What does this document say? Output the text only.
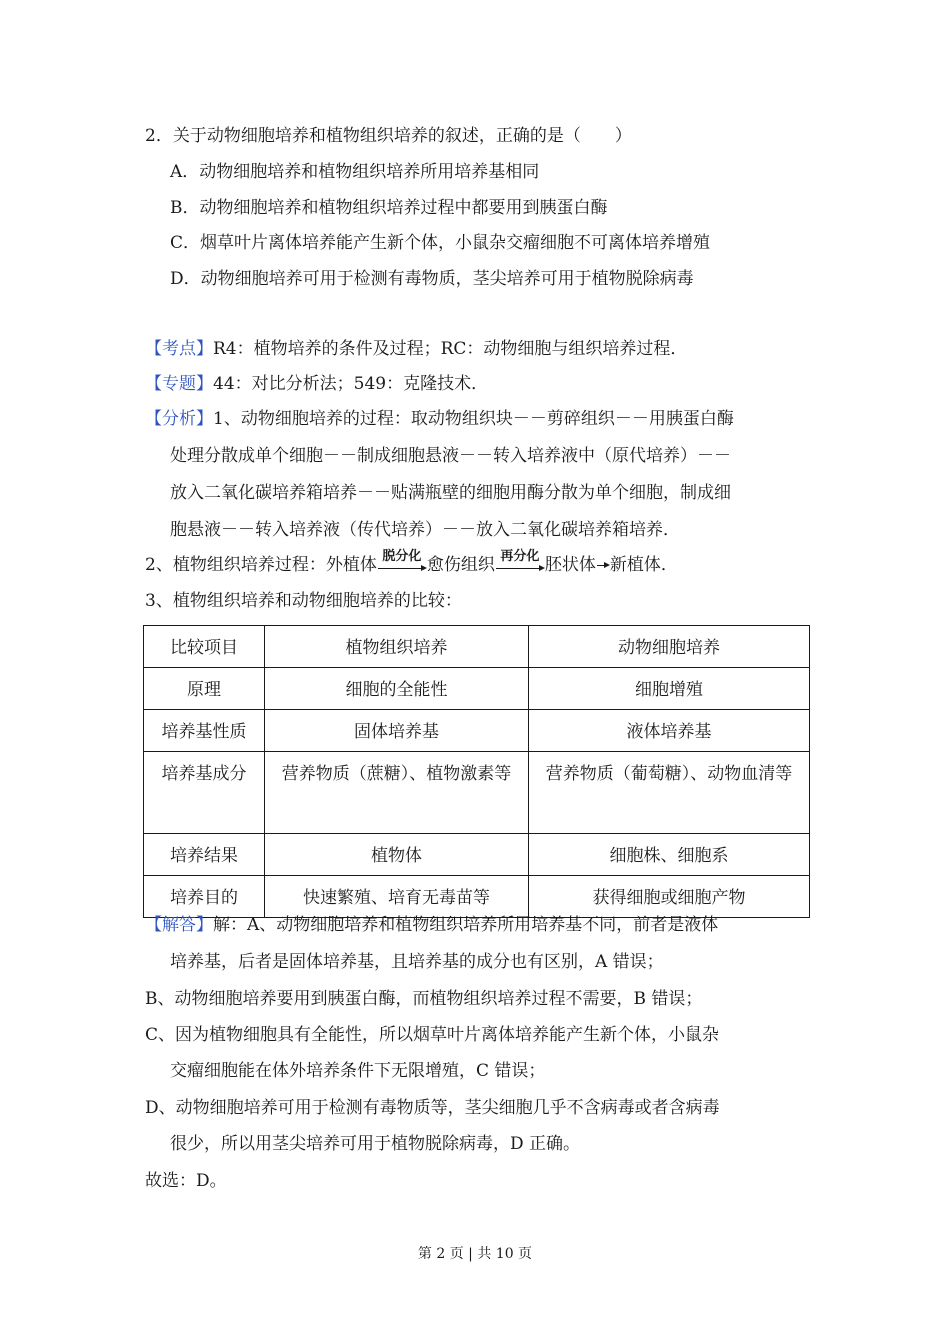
2．关于动物细胞培养和植物组织培养的叙述，正确的是（　　）
A．动物细胞培养和植物组织培养所用培养基相同
B．动物细胞培养和植物组织培养过程中都要用到胰蛋白酶
C．烟草叶片离体培养能产生新个体，小鼠杂交瘤细胞不可离体培养增殖
D．动物细胞培养可用于检测有毒物质，茎尖培养可用于植物脱除病毒
【考点】R4：植物培养的条件及过程；RC：动物细胞与组织培养过程．
【专题】44：对比分析法；549：克隆技术．
【分析】1、动物细胞培养的过程：取动物组织块－－剪碎组织－－用胰蛋白酶
处理分散成单个细胞－－制成细胞悬液－－转入培养液中（原代培养）－－
放入二氧化碳培养箱培养－－贴满瓶壁的细胞用酶分散为单个细胞，制成细
胞悬液－－转入培养液（传代培养）－－放入二氧化碳培养箱培养．
2、植物组织培养过程：外植体 脱分化 愈伤组织 再分化 胚状体 新植体．
3、植物组织培养和动物细胞培养的比较：
比较项目	植物组织培养	动物细胞培养
原理	细胞的全能性	细胞增殖
培养基性质	固体培养基	液体培养基
培养基成分	营养物质（蔗糖）、植物激素等	营养物质（葡萄糖）、动物血清等
培养结果	植物体	细胞株、细胞系
培养目的	快速繁殖、培育无毒苗等	获得细胞或细胞产物
【解答】解：A、动物细胞培养和植物组织培养所用培养基不同，前者是液体
培养基，后者是固体培养基，且培养基的成分也有区别，A 错误；
B、动物细胞培养要用到胰蛋白酶，而植物组织培养过程不需要，B 错误；
C、因为植物细胞具有全能性，所以烟草叶片离体培养能产生新个体，小鼠杂
交瘤细胞能在体外培养条件下无限增殖，C 错误；
D、动物细胞培养可用于检测有毒物质等，茎尖细胞几乎不含病毒或者含病毒
很少，所以用茎尖培养可用于植物脱除病毒，D 正确。
故选：D。
第 2 页 | 共 10 页
